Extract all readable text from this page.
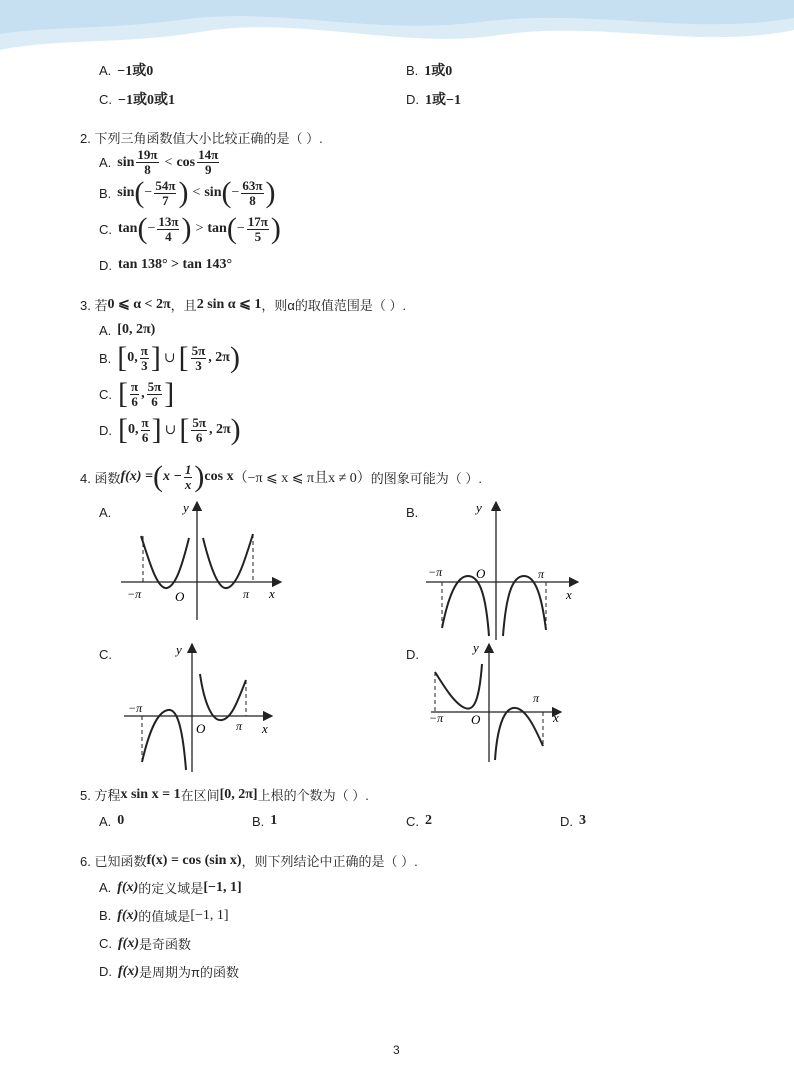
A. −1或0	B. 1或0
C. −1或0或1	D. 1或−1
2. 下列三角函数值大小比较正确的是（ ）.
A. $\sin \frac{19\pi}{8} < \cos \frac{14\pi}{9}$
B. sin ( − $\frac{54\pi}{7}$ ) < sin ( − $\frac{63\pi}{8}$ )
C. tan ( − $\frac{13\pi}{4}$ ) > tan ( − $\frac{17\pi}{5}$ )
D. tan 138° > tan 143°
3. 若 0 ⩽ α < 2π ，且 2 sin α ⩽ 1 ，则α的取值范围是（ ）.
A. [0, 2π)
B. [ 0, $\frac{\pi}{3}$ ] ∪ [ $\frac{5\pi}{3}$ , 2π )
C. [ $\frac{\pi}{6}$ , $\frac{5\pi}{6}$ ]
D. [ 0, $\frac{\pi}{6}$ ] ∪ [ $\frac{5\pi}{6}$ , 2π )
4. 函数 f(x) = ( $x - \frac{1}{x}$ ) cos x （−π ⩽ x ⩽ π且x ≠ 0） 的图象可能为（ ）.
A.	B.
C.	D.
y
x
O
−π	π
y
x
O
−π	π
y
x
O
−π
π
y
x
O
−π
π
5. 方程 x sin x = 1 在区间 [0, 2π] 上根的个数为（ ）.
A. 0	B. 1	C. 2	D. 3
6. 已知函数 f(x) = cos (sin x) ，则下列结论中正确的是（ ）.
A. f(x) 的定义域是 [−1, 1]
B. f(x) 的值域是 [−1, 1]
C. f(x) 是奇函数
D. f(x) 是周期为π的函数
3
